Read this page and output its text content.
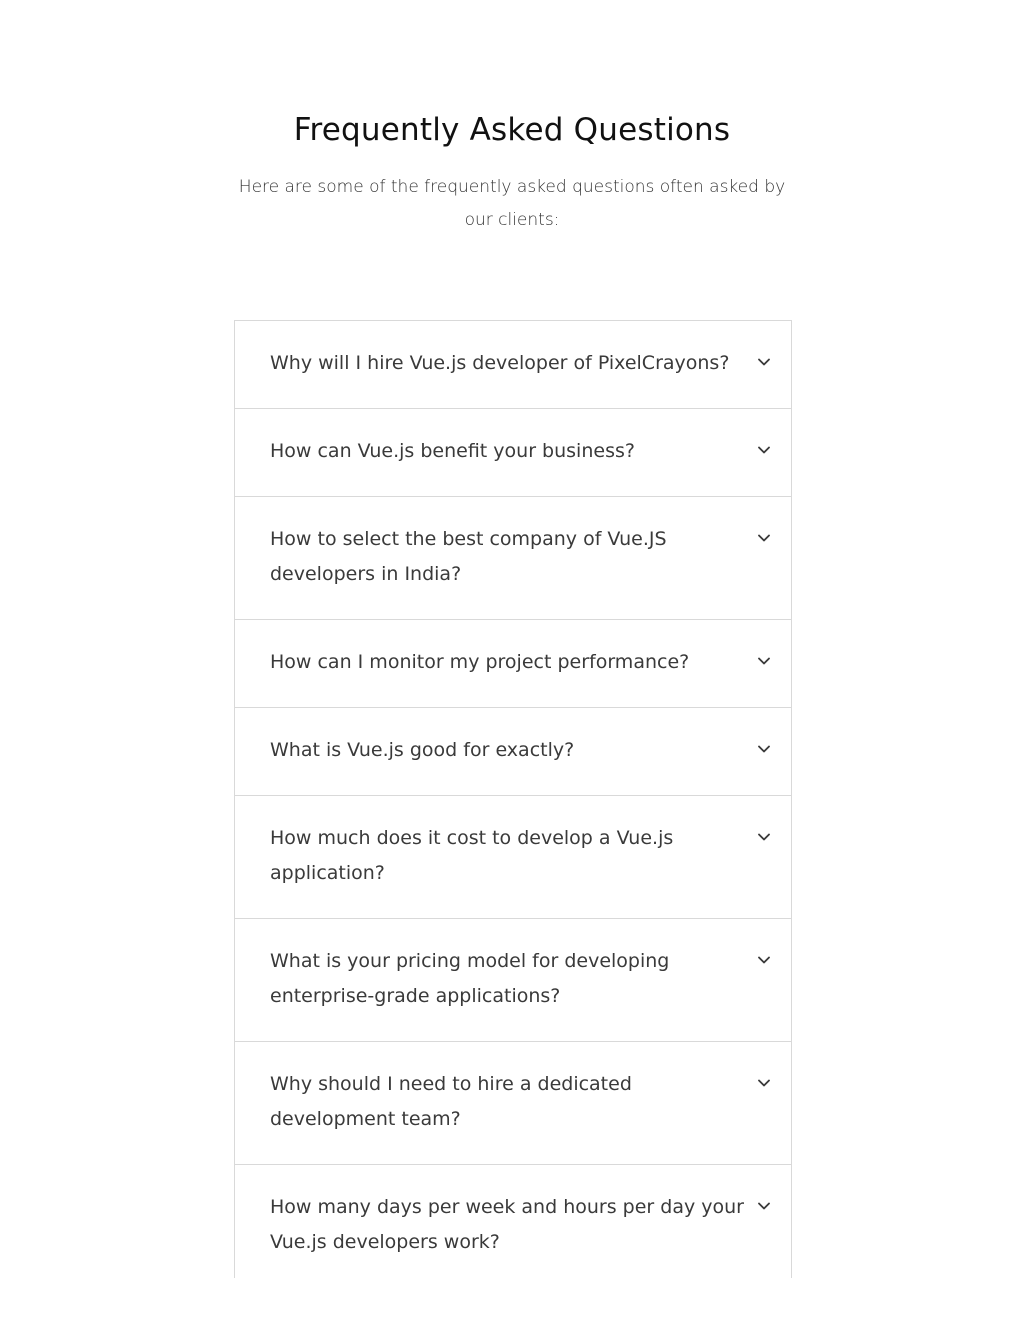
Frequently Asked Questions

Here are some of the frequently asked questions often asked by our clients:

Why will I hire Vue.js developer of PixelCrayons?
How can Vue.js benefit your business?
How to select the best company of Vue.JS developers in India?
How can I monitor my project performance?
What is Vue.js good for exactly?
How much does it cost to develop a Vue.js application?
What is your pricing model for developing enterprise-grade applications?
Why should I need to hire a dedicated development team?
How many days per week and hours per day your Vue.js developers work?
